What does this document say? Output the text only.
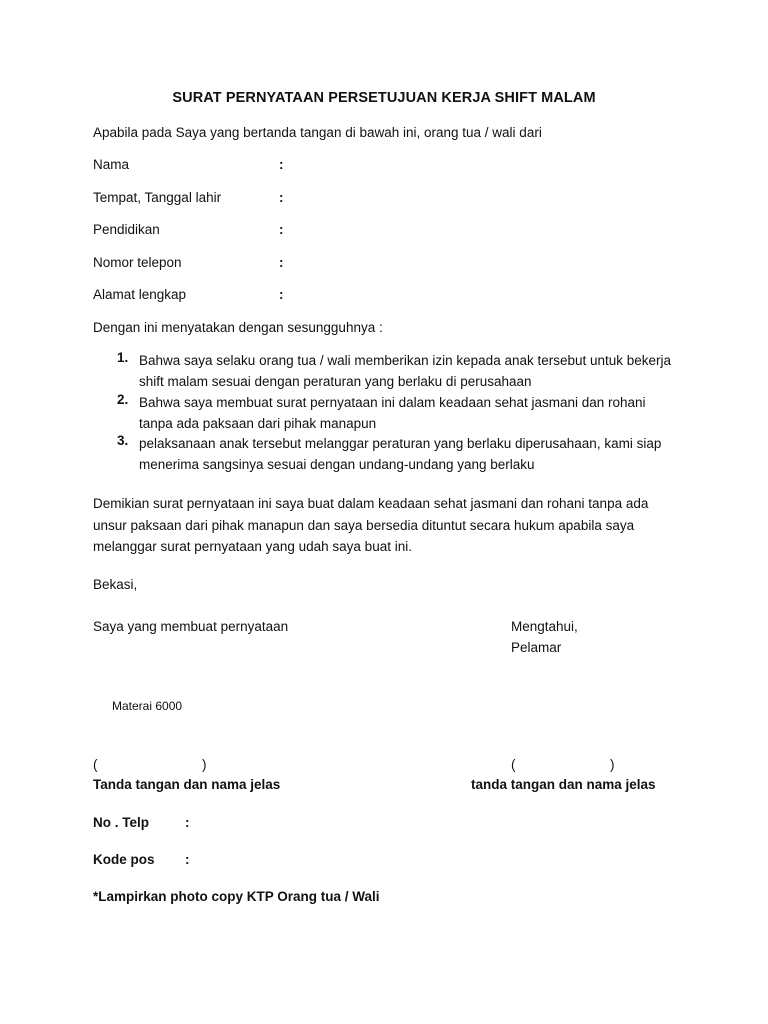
SURAT PERNYATAAN PERSETUJUAN KERJA SHIFT MALAM
Apabila pada Saya yang bertanda tangan di bawah ini, orang tua / wali dari
Nama	:
Tempat, Tanggal lahir	:
Pendidikan	:
Nomor telepon	:
Alamat lengkap	:
Dengan ini menyatakan dengan sesungguhnya :
1. Bahwa saya selaku orang tua / wali memberikan izin kepada anak tersebut untuk bekerja shift malam sesuai dengan peraturan yang berlaku di perusahaan
2. Bahwa saya membuat surat pernyataan ini dalam keadaan sehat jasmani dan rohani tanpa ada paksaan dari pihak manapun
3. pelaksanaan anak tersebut melanggar peraturan yang berlaku diperusahaan, kami siap menerima sangsinya sesuai dengan undang-undang yang berlaku
Demikian surat pernyataan ini saya buat dalam keadaan sehat jasmani dan rohani tanpa ada unsur paksaan dari pihak manapun dan saya bersedia dituntut secara hukum apabila saya melanggar surat pernyataan yang udah saya buat ini.
Bekasi,
Saya yang membuat pernyataan
Materai 6000
(	)
Tanda tangan dan nama jelas
Mengtahui,
Pelamar
(	)
tanda tangan dan nama jelas
No . Telp	:
Kode pos :
*Lampirkan photo copy KTP Orang tua / Wali
